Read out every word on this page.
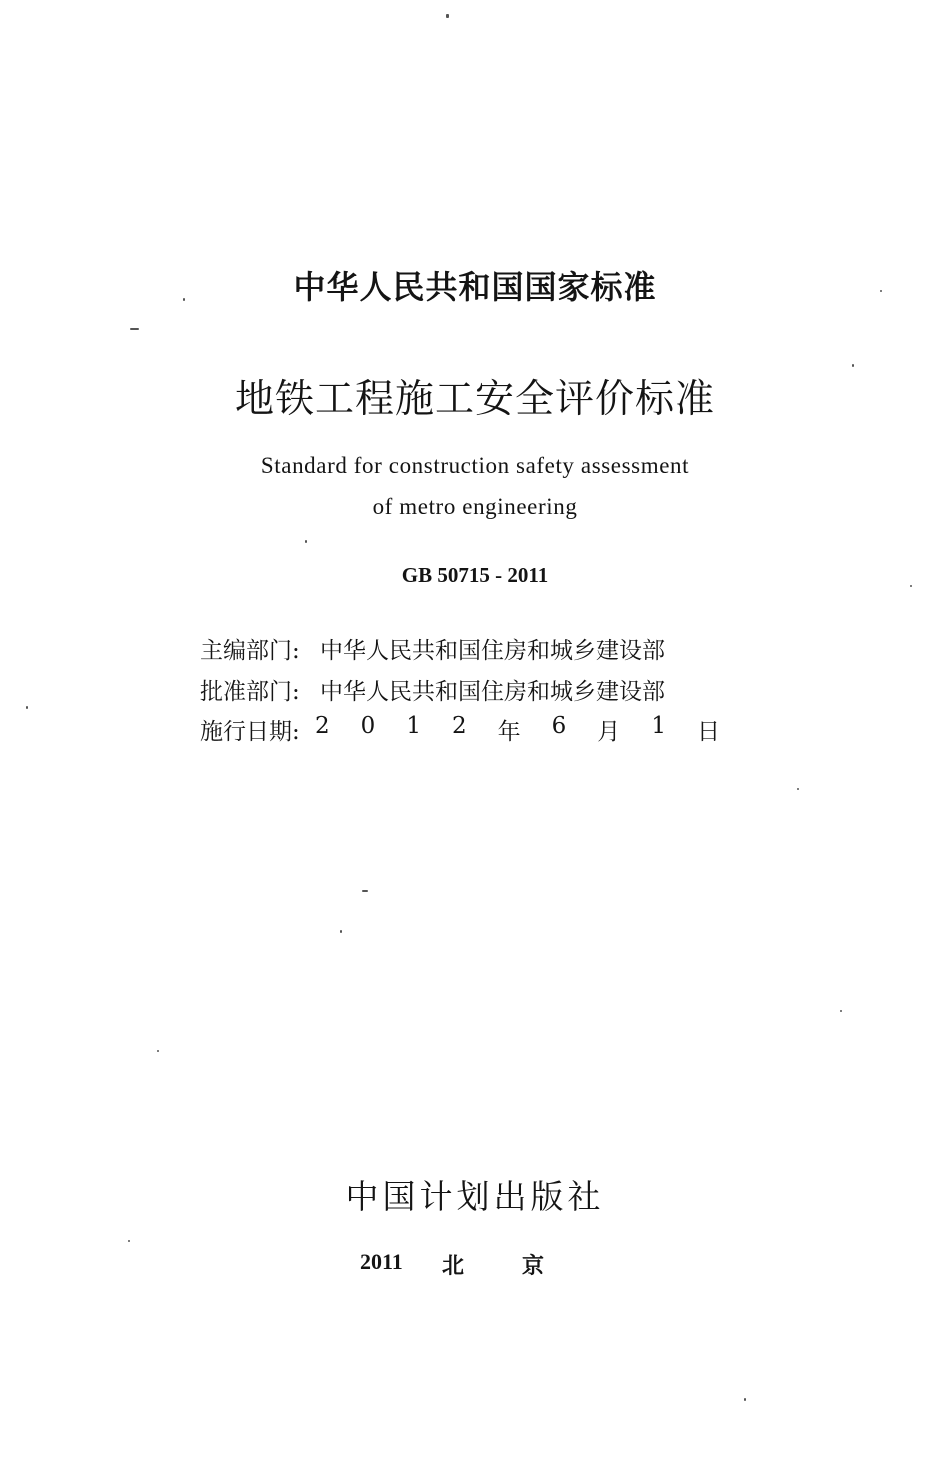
中华人民共和国国家标准
地铁工程施工安全评价标准
Standard for construction safety assessment
of metro engineering
GB 50715 - 2011
主编部门: 中华人民共和国住房和城乡建设部
批准部门: 中华人民共和国住房和城乡建设部
施行日期: 2 0 1 2 年 6 月 1 日
中国计划出版社
2011 北	京
